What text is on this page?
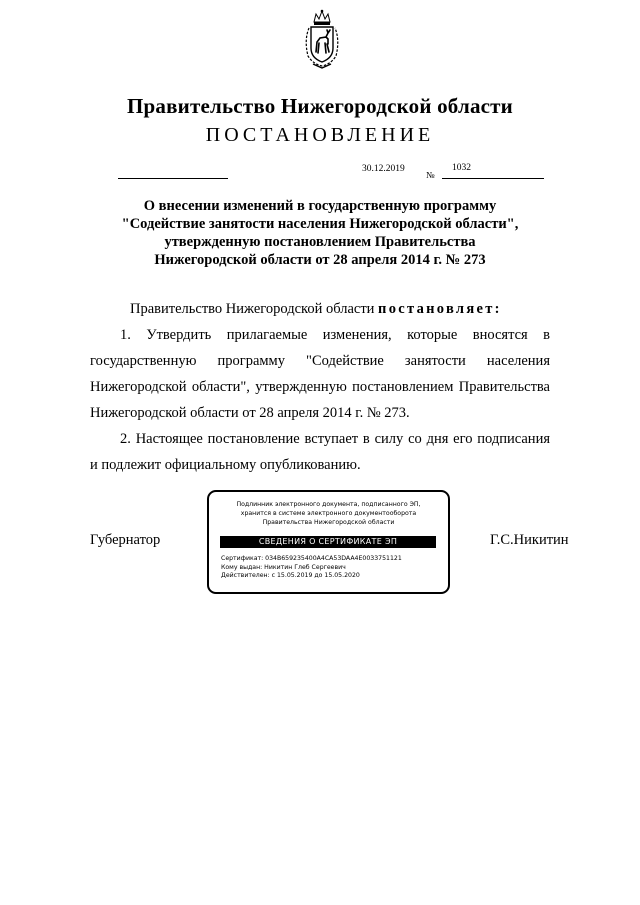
Правительство Нижегородской области
ПОСТАНОВЛЕНИЕ
30.12.2019
№
1032
О внесении изменений в государственную программу
"Содействие занятости населения Нижегородской области",
утвержденную постановлением Правительства
Нижегородской области от 28 апреля 2014 г. № 273
Правительство Нижегородской области постановляет:
1. Утвердить прилагаемые изменения, которые вносятся в
государственную программу "Содействие занятости населения
Нижегородской области", утвержденную постановлением Правительства
Нижегородской области от 28 апреля 2014 г. № 273.
2. Настоящее постановление вступает в силу со дня его подписания
и подлежит официальному опубликованию.
Губернатор	Г.С.Никитин
Подлинник электронного документа, подписанного ЭП,
хранится в системе электронного документооборота
Правительства Нижегородской области
СВЕДЕНИЯ О СЕРТИФИКАТЕ ЭП
Сертификат: 034B659235400A4CA53DAA4E0033751121
Кому выдан: Никитин Глеб Сергеевич
Действителен: с 15.05.2019 до 15.05.2020
